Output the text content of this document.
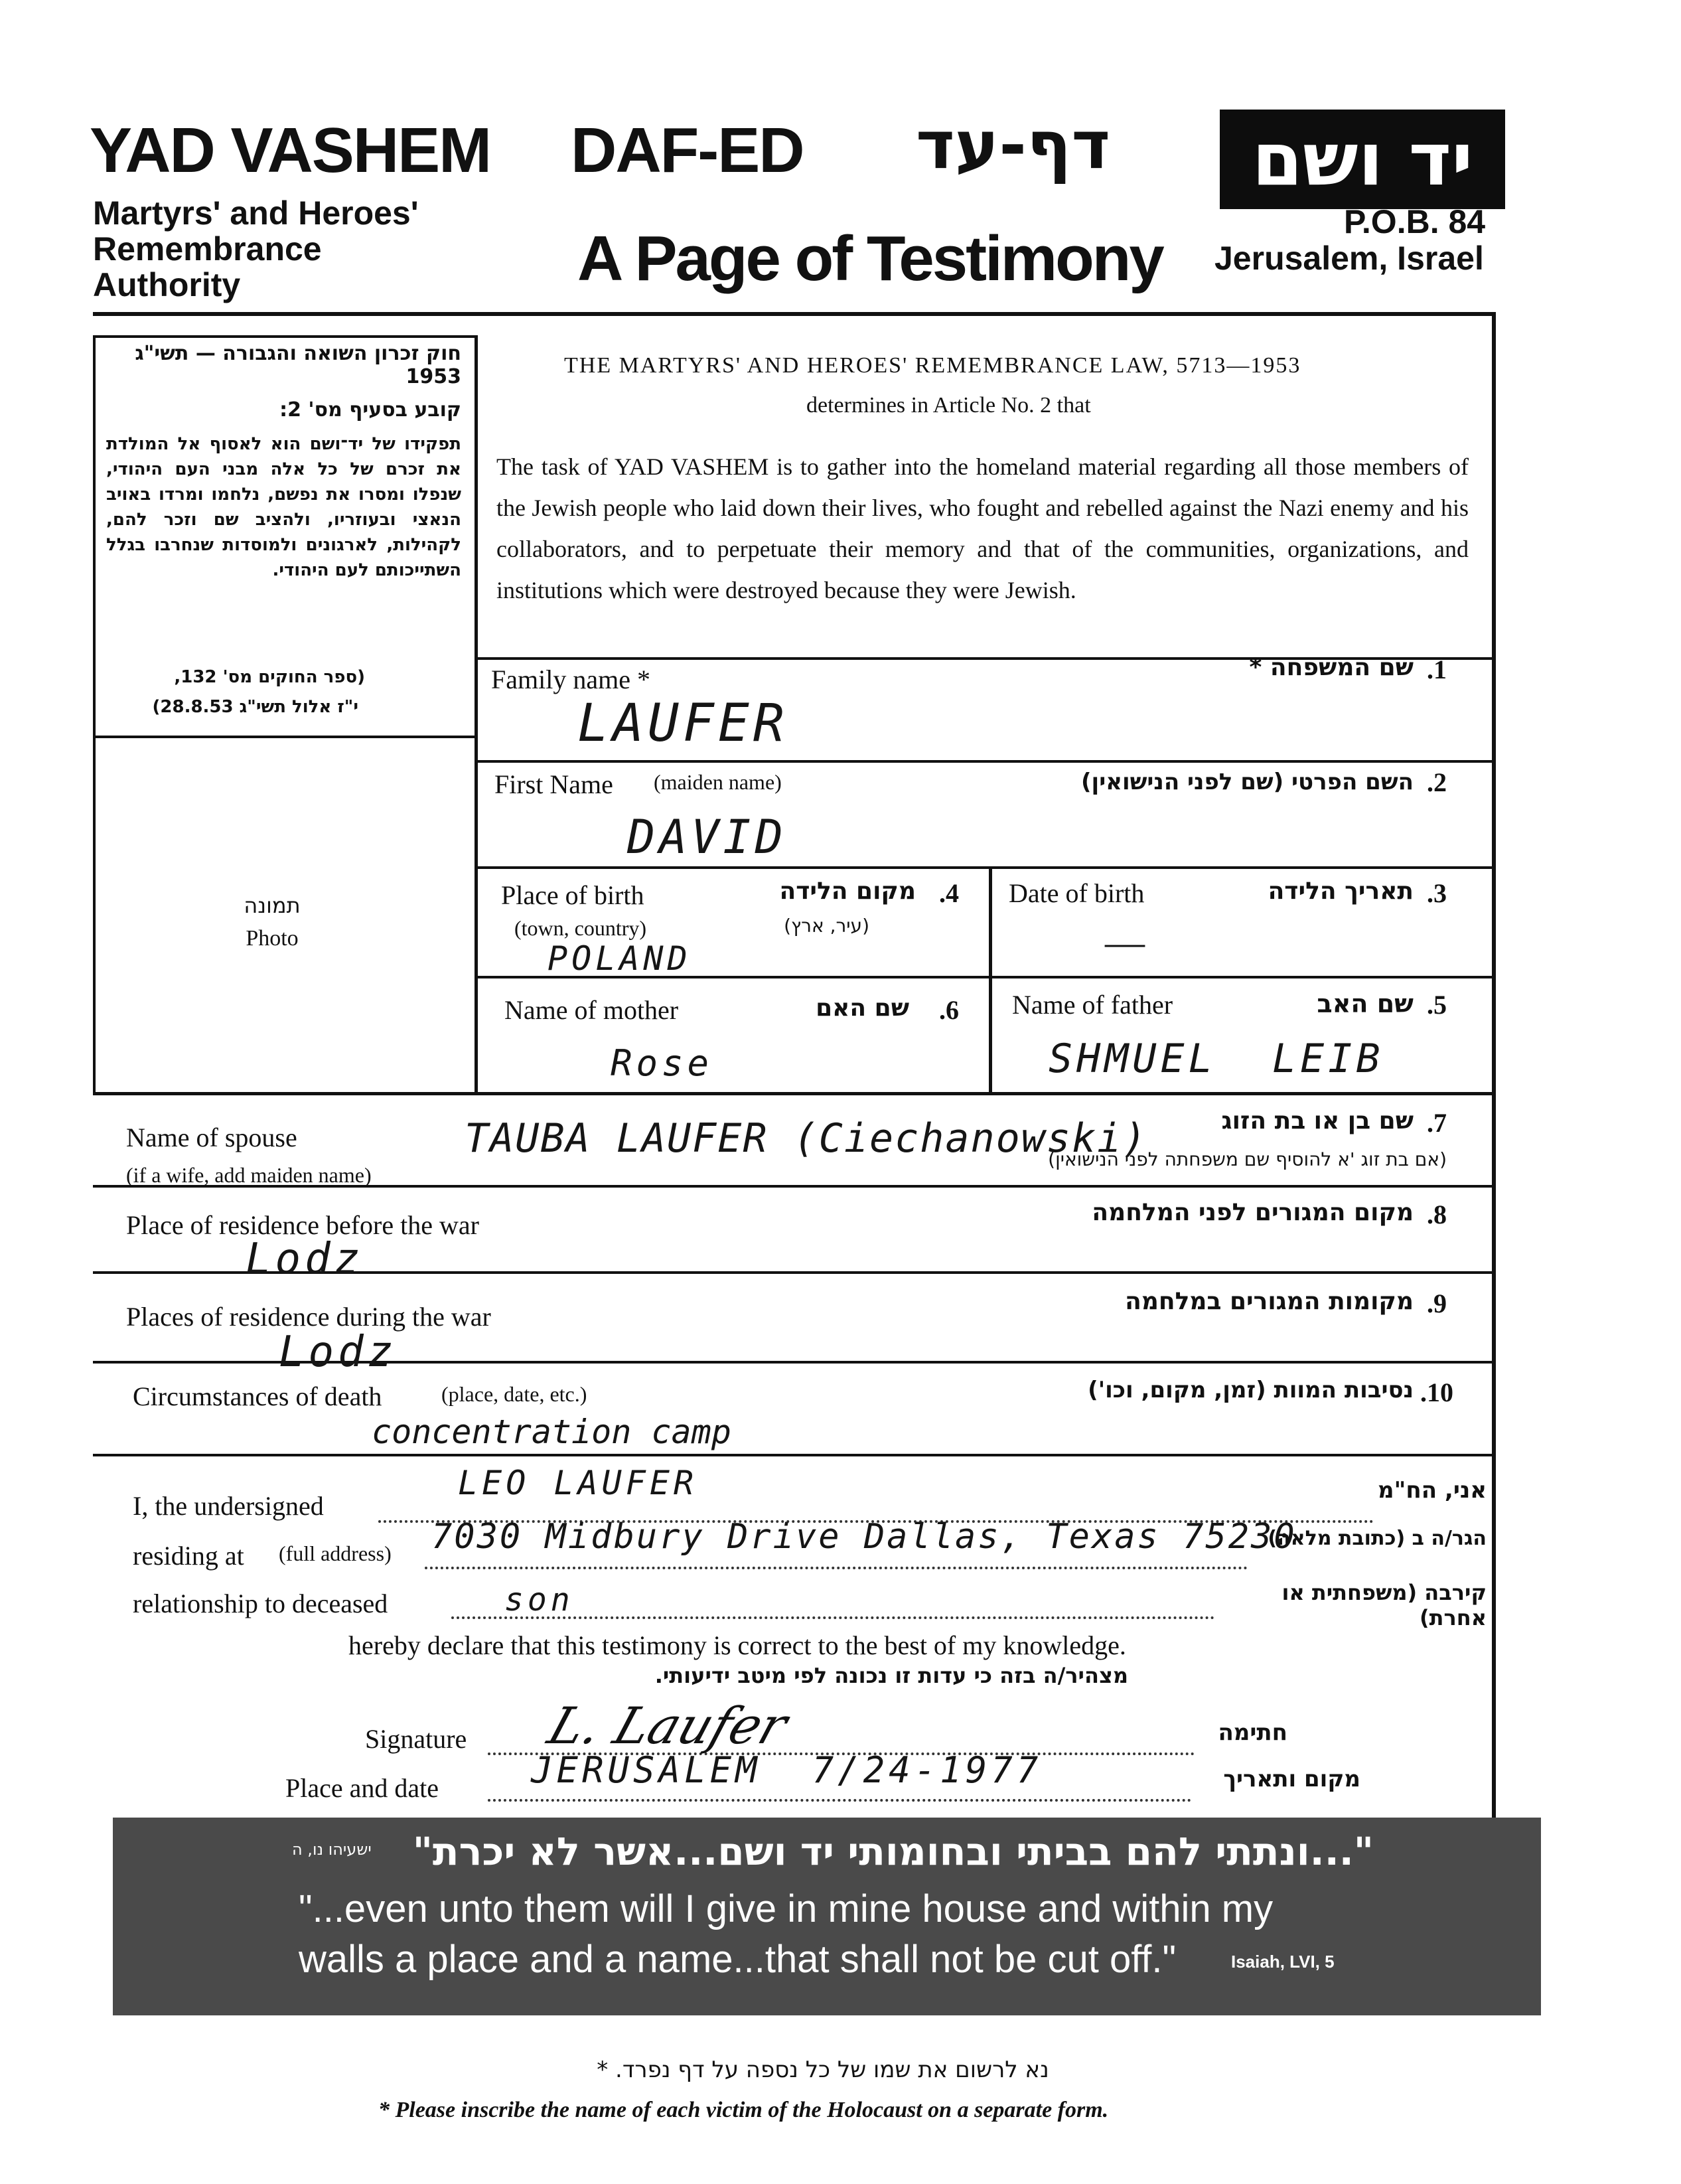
YAD VASHEM
Martyrs' and Heroes'
Remembrance
Authority
DAF-ED דף-עד
A Page of Testimony
יד ושם
P.O.B. 84
Jerusalem, Israel
חוק זכרון השואה והגבורה — תשי"ג 1953
קובע בסעיף מס' 2:
תפקידו של יד־ושם הוא לאסוף אל המולדת את זכרם של כל אלה מבני העם היהודי, שנפלו ומסרו את נפשם, נלחמו ומרדו באויב הנאצי ובעוזריו, ולהציב שם וזכר להם, לקהילות, לארגונים ולמוסדות שנחרבו בגלל השתייכותם לעם היהודי.
(ספר החוקים מס' 132,
י"ז אלול תשי"ג 28.8.53)
תמונה
Photo
THE MARTYRS' AND HEROES' REMEMBRANCE LAW, 5713—1953
determines in Article No. 2 that
The task of YAD VASHEM is to gather into the homeland material regarding all those members of the Jewish people who laid down their lives, who fought and rebelled against the Nazi enemy and his collaborators, and to perpetuate their memory and that of the communities, organizations, and institutions which were destroyed because they were Jewish.
Family name *	שם המשפחה * .1
LAUFER
First Name (maiden name)	השם הפרטי (שם לפני הנישואין) .2
DAVID
Place of birth
(town, country)
מקום הלידה
(עיר, ארץ)
.4
POLAND
Date of birth	תאריך הלידה .3
—
Name of mother	שם האם .6
Rose
Name of father	שם האב .5
SHMUEL  LEIB
Name of spouse
(if a wife, add maiden name)
TAUBA LAUFER (Ciechanowski)	שם בן או בת הזוג
(אם בת זוג 'א להוסיף שם משפחתה לפני הנישואין)
.7
Place of residence before the war	מקום המגורים לפני המלחמה .8
Lodz
Places of residence during the war
מקומות המגורים במלחמה .9
Lodz
Circumstances of death	(place, date, etc.)	נסיבות המוות (זמן, מקום, וכו') .10
concentration camp
I, the undersigned
LEO LAUFER	אני, הח"מ
residing at (full address) 7030 Midbury Drive Dallas, Texas 75230
הגר/ה ב (כתובת מלאה)
relationship to deceased	son	קירבה (משפחתית או אחרת)
hereby declare that this testimony is correct to the best of my knowledge.
מצהיר/ה בזה כי עדות זו נכונה לפי מיטב ידיעותי.
Signature L. Laufer	חתימה
Place and date	JERUSALEM  7/24-1977	מקום ותאריך
"...ונתתי להם בביתי ובחומותי יד ושם...אשר לא יכרת"
ישעיהו נו, ה
"...even unto them will I give in mine house and within my
walls a place and a name...that shall not be cut off."	Isaiah, LVI, 5
נא לרשום את שמו של כל נספה על דף נפרד. *
* Please inscribe the name of each victim of the Holocaust on a separate form.
